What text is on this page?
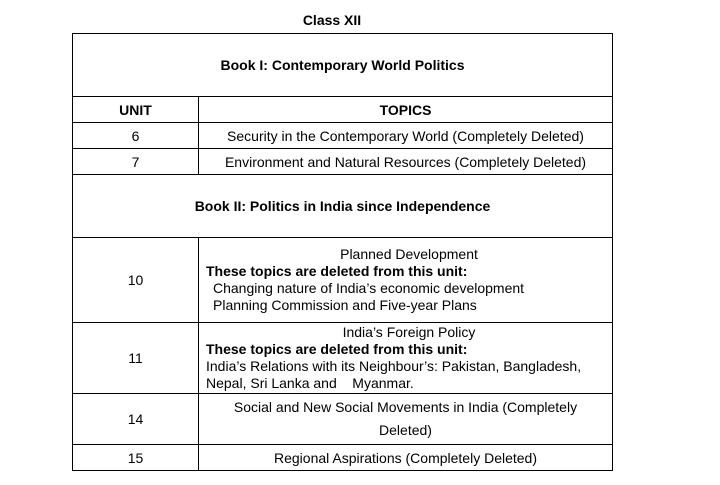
Class XII
Book I: Contemporary World Politics	
UNIT	TOPICS
6	Security in the Contemporary World (Completely Deleted)
7	Environment and Natural Resources (Completely Deleted)
Book II: Politics in India since Independence	
10	Planned Development
These topics are deleted from this unit:
Changing nature of India’s economic development
Planning Commission and Five-year Plans

11	India’s Foreign Policy
These topics are deleted from this unit:
India’s Relations with its Neighbour’s: Pakistan, Bangladesh,
Nepal, Sri Lanka and    Myanmar.

14	Social and New Social Movements in India (Completely
Deleted)

15	Regional Aspirations (Completely Deleted)
